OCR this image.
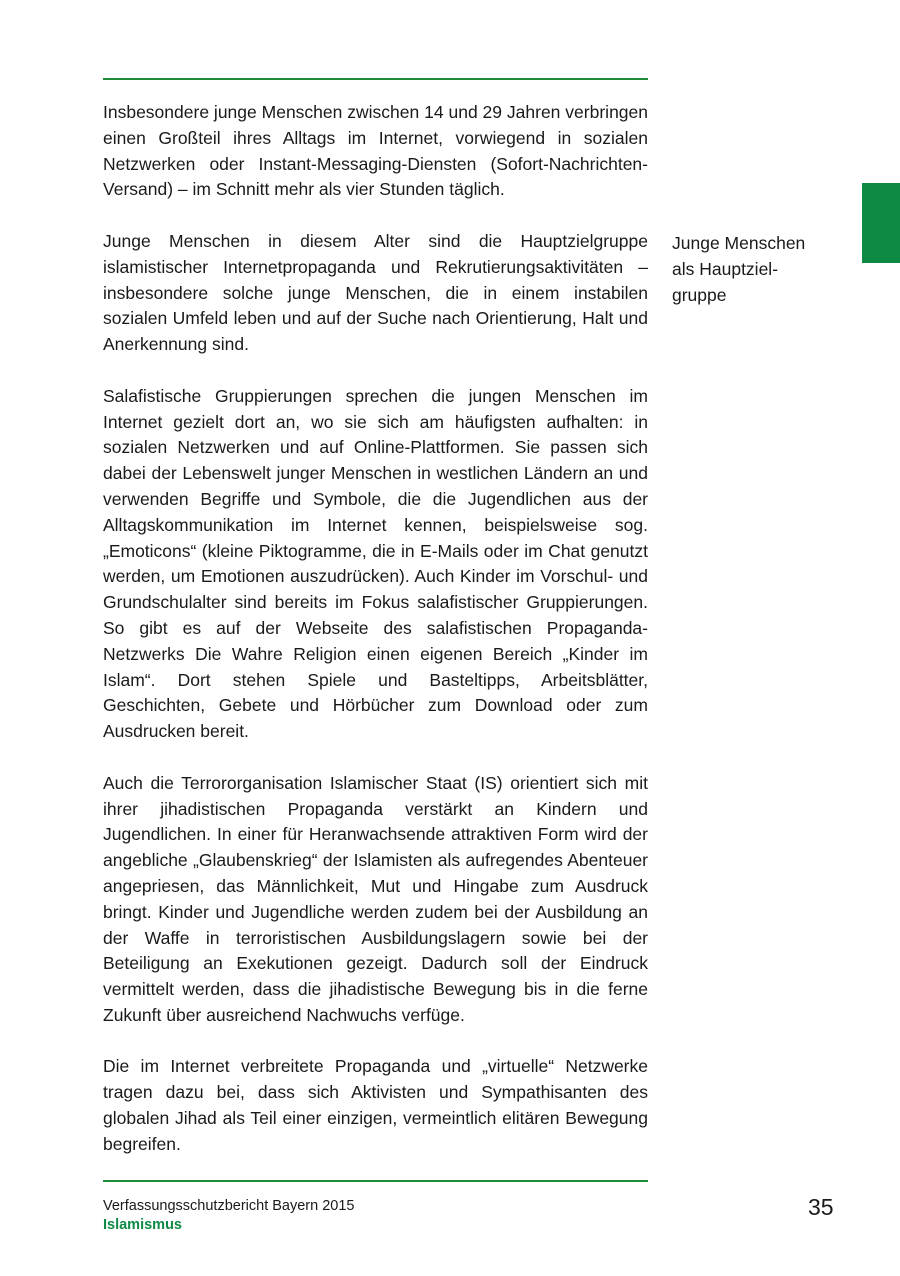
Insbesondere junge Menschen zwischen 14 und 29 Jahren verbringen einen Großteil ihres Alltags im Internet, vorwiegend in sozialen Netzwerken oder Instant-Messaging-Diensten (Sofort-Nachrichten-Versand) – im Schnitt mehr als vier Stunden täglich.

Junge Menschen in diesem Alter sind die Hauptzielgruppe islamistischer Internetpropaganda und Rekrutierungsaktivitäten – insbesondere solche junge Menschen, die in einem instabilen sozialen Umfeld leben und auf der Suche nach Orientierung, Halt und Anerkennung sind.

Salafistische Gruppierungen sprechen die jungen Menschen im Internet gezielt dort an, wo sie sich am häufigsten aufhalten: in sozialen Netzwerken und auf Online-Plattformen. Sie passen sich dabei der Lebenswelt junger Menschen in westlichen Ländern an und verwenden Begriffe und Symbole, die die Jugendlichen aus der Alltagskommunikation im Internet kennen, beispielsweise sog. „Emoticons“ (kleine Piktogramme, die in E-Mails oder im Chat genutzt werden, um Emotionen auszudrücken). Auch Kinder im Vorschul- und Grundschulalter sind bereits im Fokus salafistischer Gruppierungen. So gibt es auf der Webseite des salafistischen Propaganda-Netzwerks Die Wahre Religion einen eigenen Bereich „Kinder im Islam“. Dort stehen Spiele und Basteltipps, Arbeitsblätter, Geschichten, Gebete und Hörbücher zum Download oder zum Ausdrucken bereit.

Auch die Terrororganisation Islamischer Staat (IS) orientiert sich mit ihrer jihadistischen Propaganda verstärkt an Kindern und Jugendlichen. In einer für Heranwachsende attraktiven Form wird der angebliche „Glaubenskrieg“ der Islamisten als aufregendes Abenteuer angepriesen, das Männlichkeit, Mut und Hingabe zum Ausdruck bringt. Kinder und Jugendliche werden zudem bei der Ausbildung an der Waffe in terroristischen Ausbildungslagern sowie bei der Beteiligung an Exekutionen gezeigt. Dadurch soll der Eindruck vermittelt werden, dass die jihadistische Bewegung bis in die ferne Zukunft über ausreichend Nachwuchs verfüge.

Die im Internet verbreitete Propaganda und „virtuelle“ Netzwerke tragen dazu bei, dass sich Aktivisten und Sympathisanten des globalen Jihad als Teil einer einzigen, vermeintlich elitären Bewegung begreifen.

Junge Menschen
als Hauptziel-
gruppe
Verfassungsschutzbericht Bayern 2015
Islamismus
35
